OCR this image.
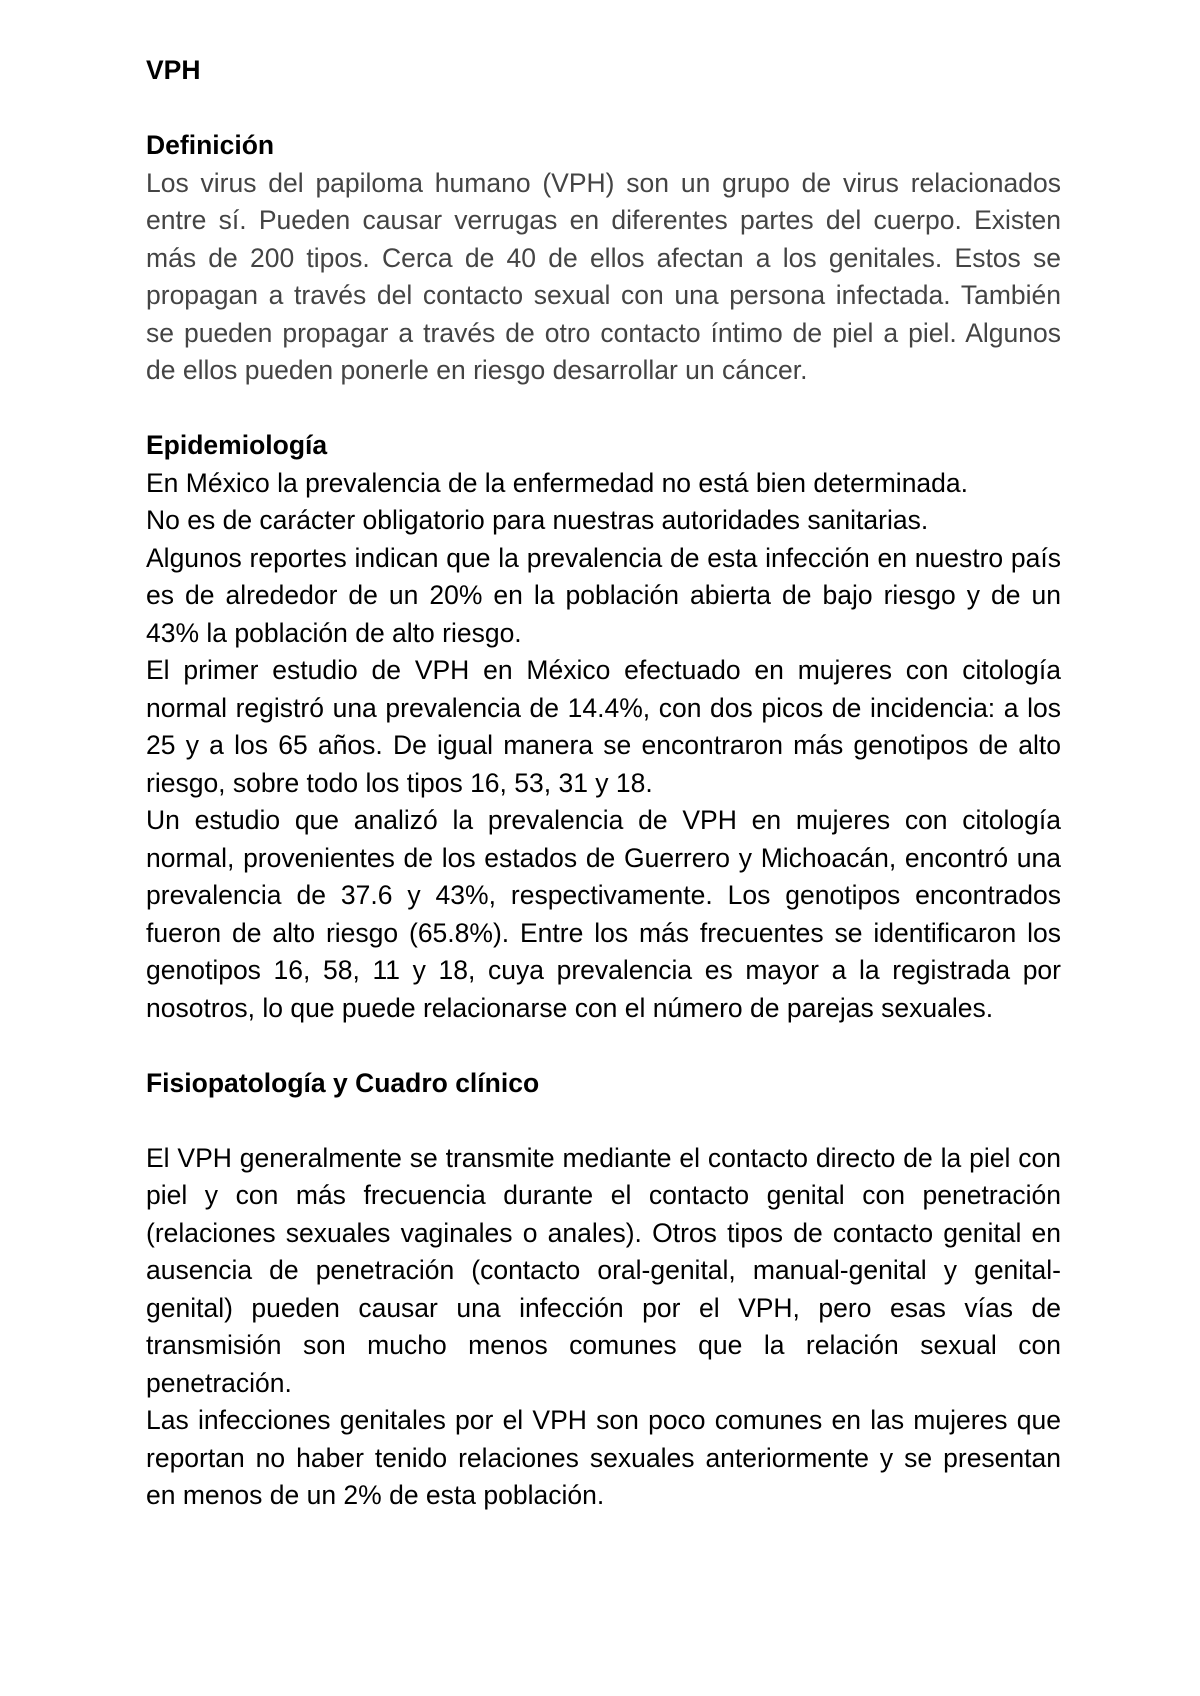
VPH
Definición

Los virus del papiloma humano (VPH) son un grupo de virus relacionados entre sí. Pueden causar verrugas en diferentes partes del cuerpo. Existen más de 200 tipos. Cerca de 40 de ellos afectan a los genitales. Estos se propagan a través del contacto sexual con una persona infectada. También se pueden propagar a través de otro contacto íntimo de piel a piel. Algunos de ellos pueden ponerle en riesgo desarrollar un cáncer.

Epidemiología

En México la prevalencia de la enfermedad no está bien determinada.

No es de carácter obligatorio para nuestras autoridades sanitarias.

Algunos reportes indican que la prevalencia de esta infección en nuestro país es de alrededor de un 20% en la población abierta de bajo riesgo y de un 43% la población de alto riesgo.

El primer estudio de VPH en México efectuado en mujeres con citología normal registró una prevalencia de 14.4%, con dos picos de incidencia: a los 25 y a los 65 años. De igual manera se encontraron más genotipos de alto riesgo, sobre todo los tipos 16, 53, 31 y 18.

Un estudio que analizó la prevalencia de VPH en mujeres con citología normal, provenientes de los estados de Guerrero y Michoacán, encontró una prevalencia de 37.6 y 43%, respectivamente. Los genotipos encontrados fueron de alto riesgo (65.8%). Entre los más frecuentes se identificaron los genotipos 16, 58, 11 y 18, cuya prevalencia es mayor a la registrada por nosotros, lo que puede relacionarse con el número de parejas sexuales.

Fisiopatología y Cuadro clínico

El VPH generalmente se transmite mediante el contacto directo de la piel con piel y con más frecuencia durante el contacto genital con penetración (relaciones sexuales vaginales o anales). Otros tipos de contacto genital en ausencia de penetración (contacto oral-genital, manual-genital y genital-genital) pueden causar una infección por el VPH, pero esas vías de transmisión son mucho menos comunes que la relación sexual con penetración.

Las infecciones genitales por el VPH son poco comunes en las mujeres que reportan no haber tenido relaciones sexuales anteriormente y se presentan en menos de un 2% de esta población.
